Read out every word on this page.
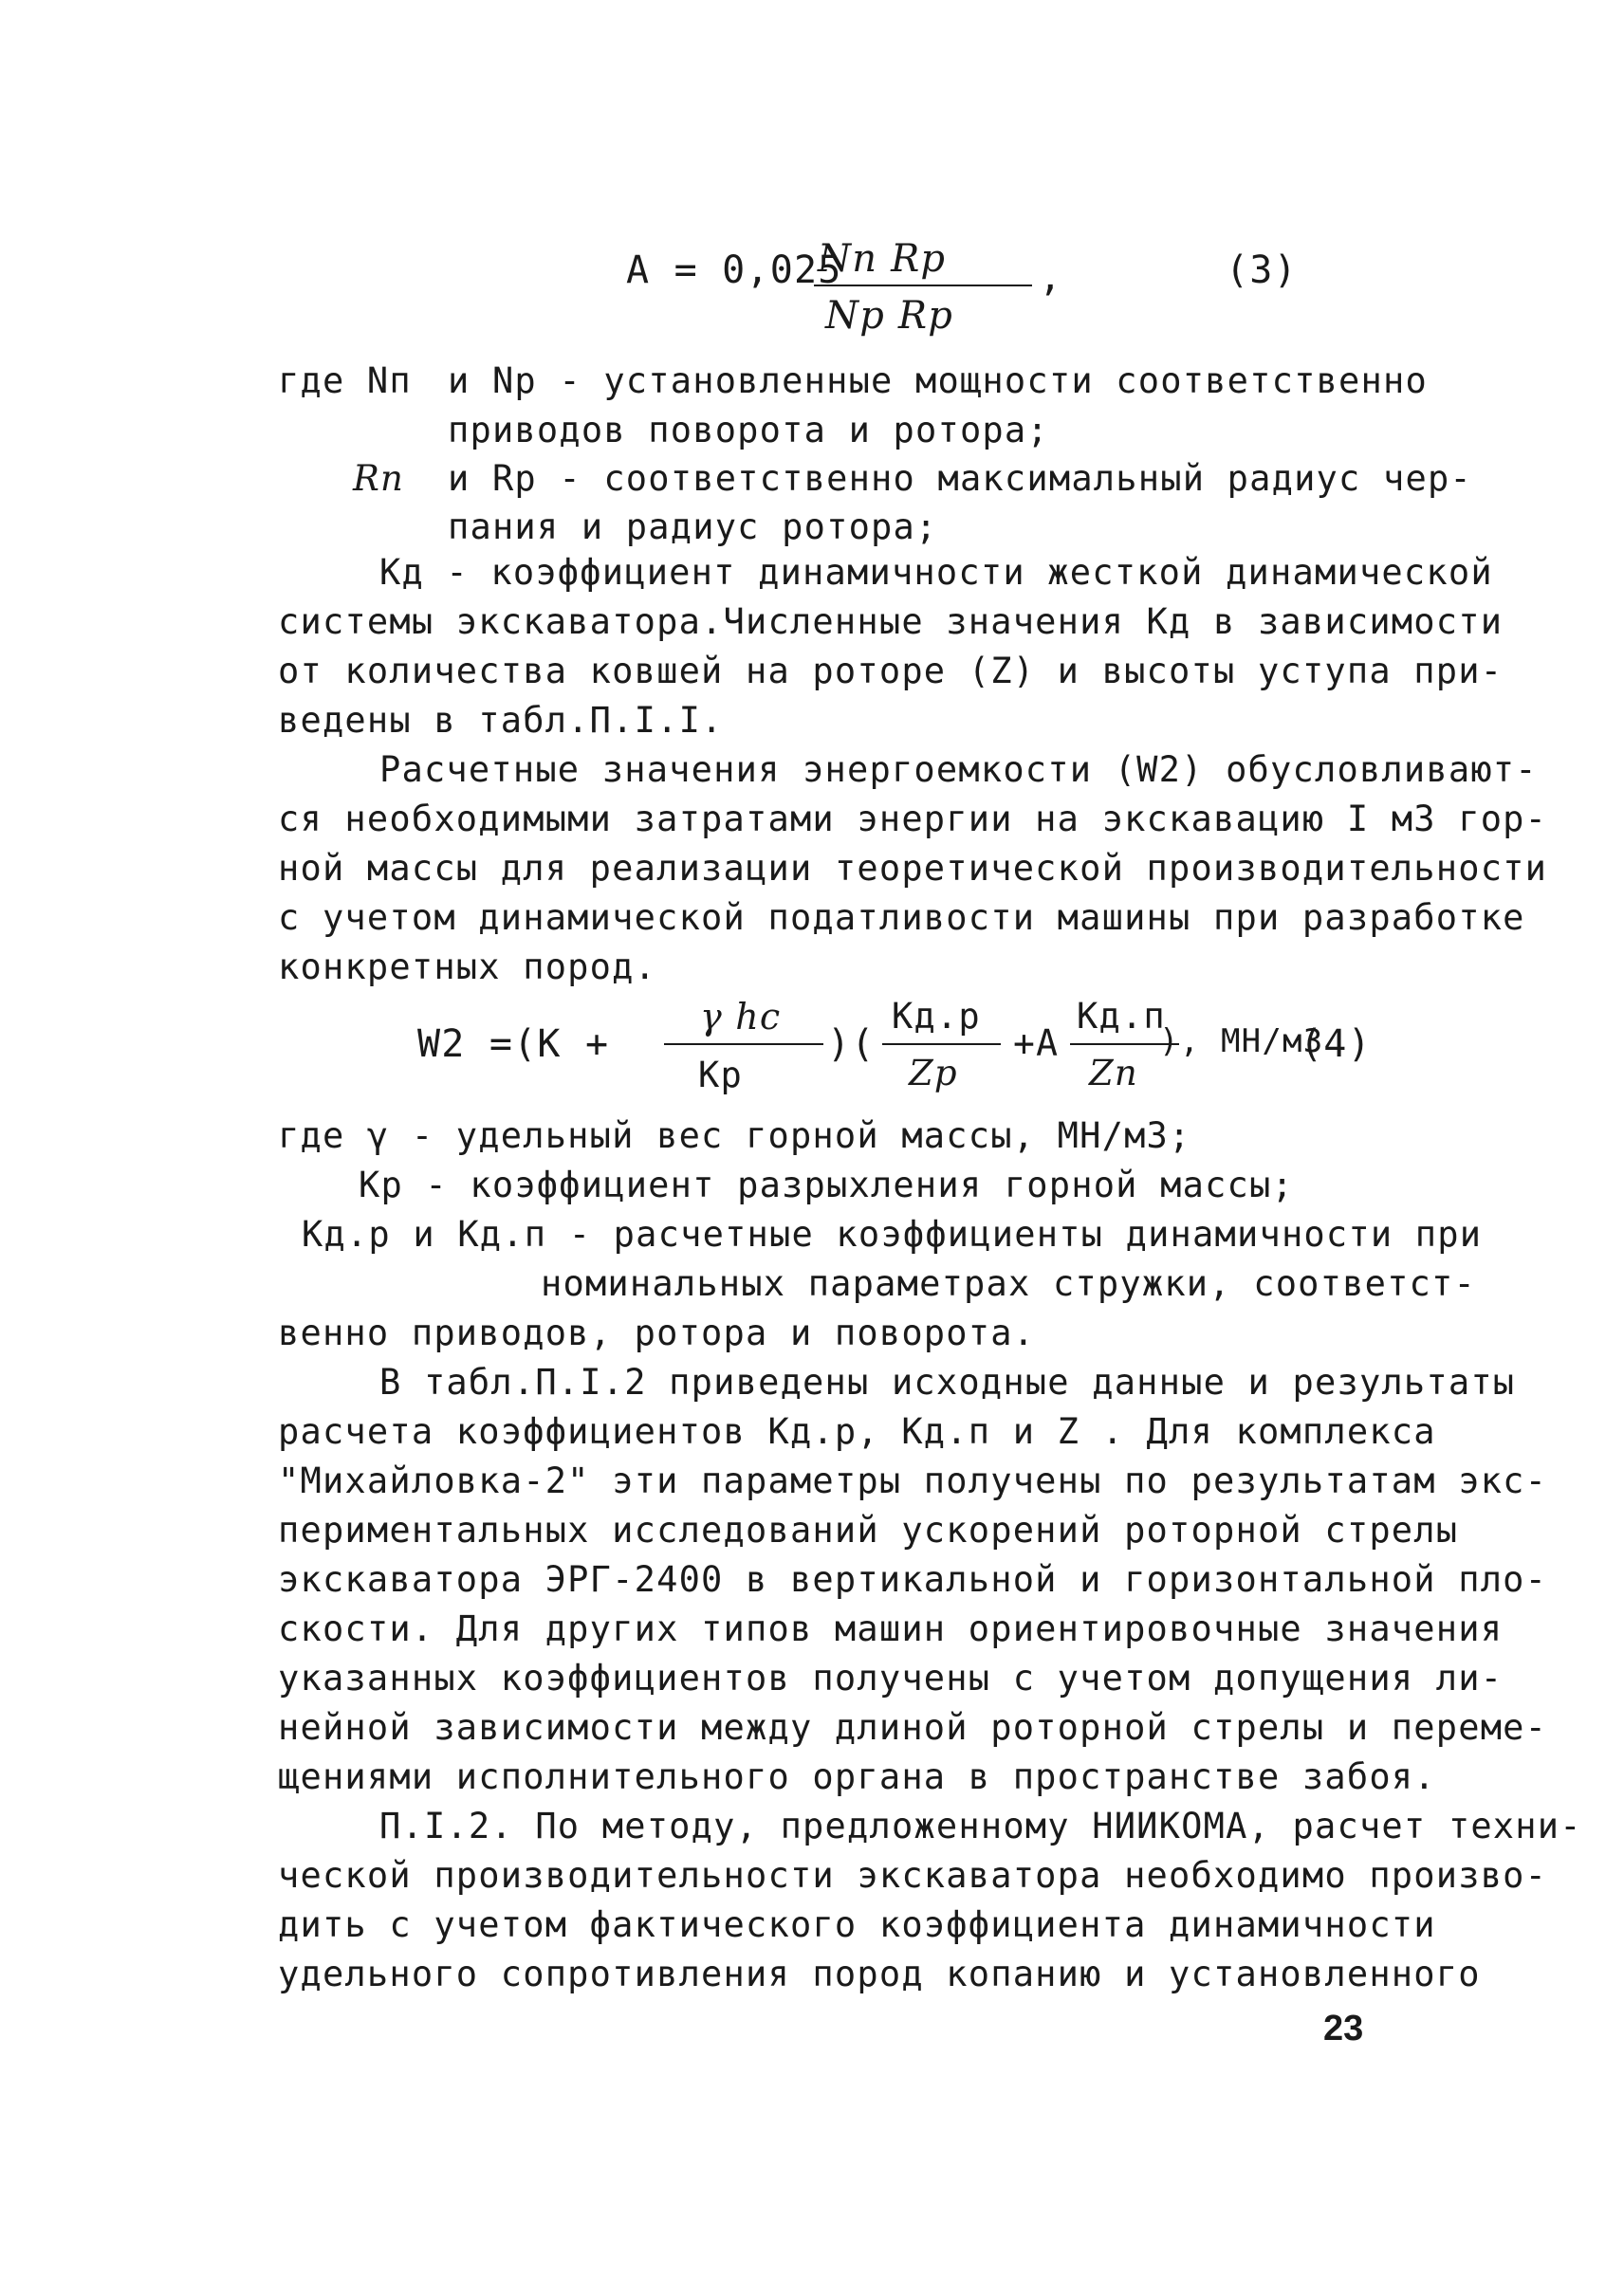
A = 0,025
Nп Rр
Nр Rр
,	(3)
где Nп и Nр - установленные мощности соответственно
приводов поворота и ротора;
Rп и Rр - соответственно максимальный радиус чер-
пания и радиус ротора;
Кд - коэффициент динамичности жесткой динамической
системы экскаватора.Численные значения Кд в зависимости
от количества ковшей на роторе (Z) и высоты уступа при-
ведены в табл.П.I.I.
Расчетные значения энергоемкости (W2) обусловливают-
ся необходимыми затратами энергии на экскавацию I м3 гор-
ной массы для реализации теоретической производительности
с учетом динамической податливости машины при разработке
конкретных пород.
W2 =(К +
γ hc
Кр
)(
Кд.р
Zр
+A
Кд.п
Zп
), МН/м3
(4)
где γ - удельный вес горной массы, МН/м3;
Кр - коэффициент разрыхления горной массы;
Кд.р и Кд.п - расчетные коэффициенты динамичности при
номинальных параметрах стружки, соответст-
венно приводов, ротора и поворота.
В табл.П.I.2 приведены исходные данные и результаты
расчета коэффициентов Кд.р, Кд.п и Z . Для комплекса
"Михайловка-2" эти параметры получены по результатам экс-
периментальных исследований ускорений роторной стрелы
экскаватора ЭРГ-2400 в вертикальной и горизонтальной пло-
скости. Для других типов машин ориентировочные значения
указанных коэффициентов получены с учетом допущения ли-
нейной зависимости между длиной роторной стрелы и переме-
щениями исполнительного органа в пространстве забоя.
П.I.2. По методу, предложенному НИИКОМА, расчет техни-
ческой производительности экскаватора необходимо произво-
дить с учетом фактического коэффициента динамичности
удельного сопротивления пород копанию и установленного
23
